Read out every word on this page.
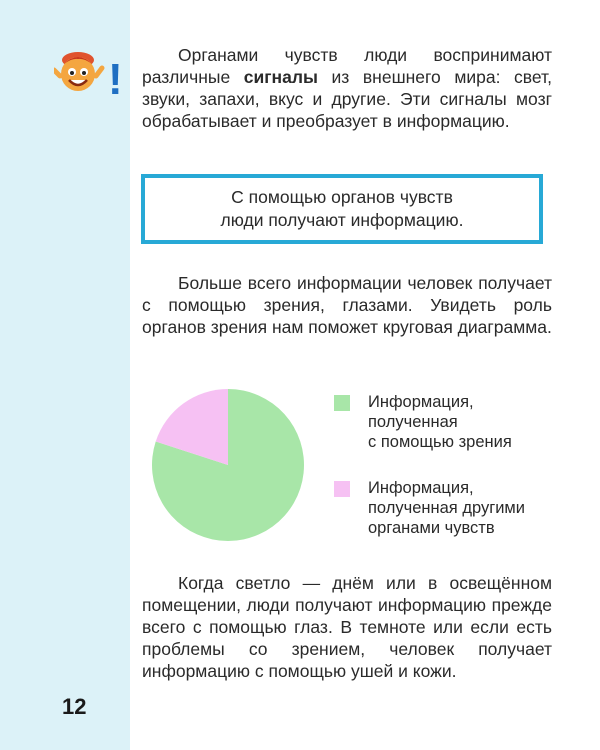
!	Органами чувств люди воспринимают различные сигналы из внешнего мира: свет, звуки, запахи, вкус и другие. Эти сигналы мозг обрабатывает и преобразует в информацию.

С помощью органов чувств
люди получают информацию.

Больше всего информации человек получает с помощью зрения, глазами. Увидеть роль органов зрения нам поможет круговая диаграмма.

Информация,
полученная
с помощью зрения
Информация,
полученная другими
органами чувств

Когда светло — днём или в освещённом помещении, люди получают информацию прежде всего с помощью глаз. В темноте или если есть проблемы со зрением, человек получает информацию с помощью ушей и кожи.

12
